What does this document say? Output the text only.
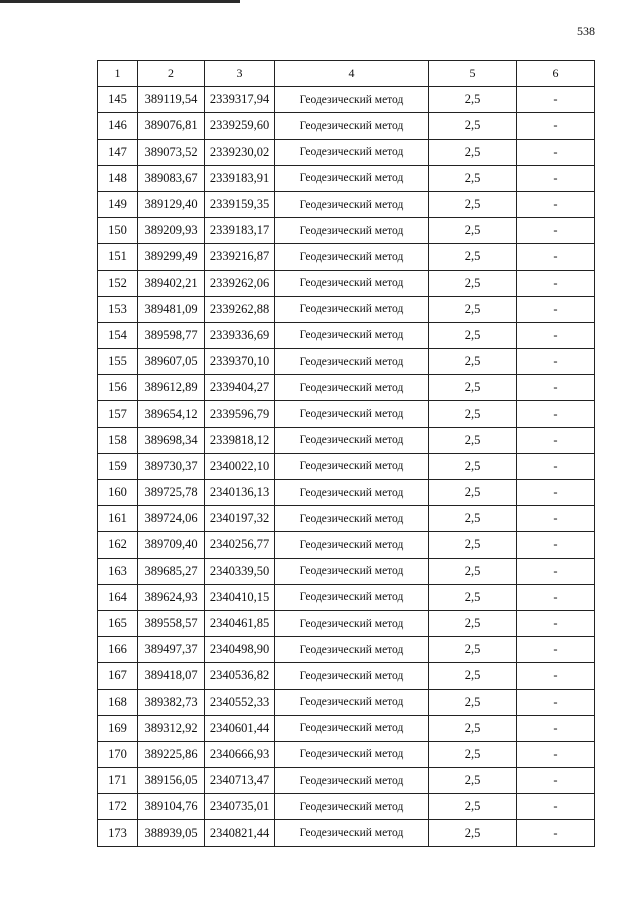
538
1	2	3	4	5	6
145	389119,54	2339317,94	Геодезический метод	2,5	-
146	389076,81	2339259,60	Геодезический метод	2,5	-
147	389073,52	2339230,02	Геодезический метод	2,5	-
148	389083,67	2339183,91	Геодезический метод	2,5	-
149	389129,40	2339159,35	Геодезический метод	2,5	-
150	389209,93	2339183,17	Геодезический метод	2,5	-
151	389299,49	2339216,87	Геодезический метод	2,5	-
152	389402,21	2339262,06	Геодезический метод	2,5	-
153	389481,09	2339262,88	Геодезический метод	2,5	-
154	389598,77	2339336,69	Геодезический метод	2,5	-
155	389607,05	2339370,10	Геодезический метод	2,5	-
156	389612,89	2339404,27	Геодезический метод	2,5	-
157	389654,12	2339596,79	Геодезический метод	2,5	-
158	389698,34	2339818,12	Геодезический метод	2,5	-
159	389730,37	2340022,10	Геодезический метод	2,5	-
160	389725,78	2340136,13	Геодезический метод	2,5	-
161	389724,06	2340197,32	Геодезический метод	2,5	-
162	389709,40	2340256,77	Геодезический метод	2,5	-
163	389685,27	2340339,50	Геодезический метод	2,5	-
164	389624,93	2340410,15	Геодезический метод	2,5	-
165	389558,57	2340461,85	Геодезический метод	2,5	-
166	389497,37	2340498,90	Геодезический метод	2,5	-
167	389418,07	2340536,82	Геодезический метод	2,5	-
168	389382,73	2340552,33	Геодезический метод	2,5	-
169	389312,92	2340601,44	Геодезический метод	2,5	-
170	389225,86	2340666,93	Геодезический метод	2,5	-
171	389156,05	2340713,47	Геодезический метод	2,5	-
172	389104,76	2340735,01	Геодезический метод	2,5	-
173	388939,05	2340821,44	Геодезический метод	2,5	-
